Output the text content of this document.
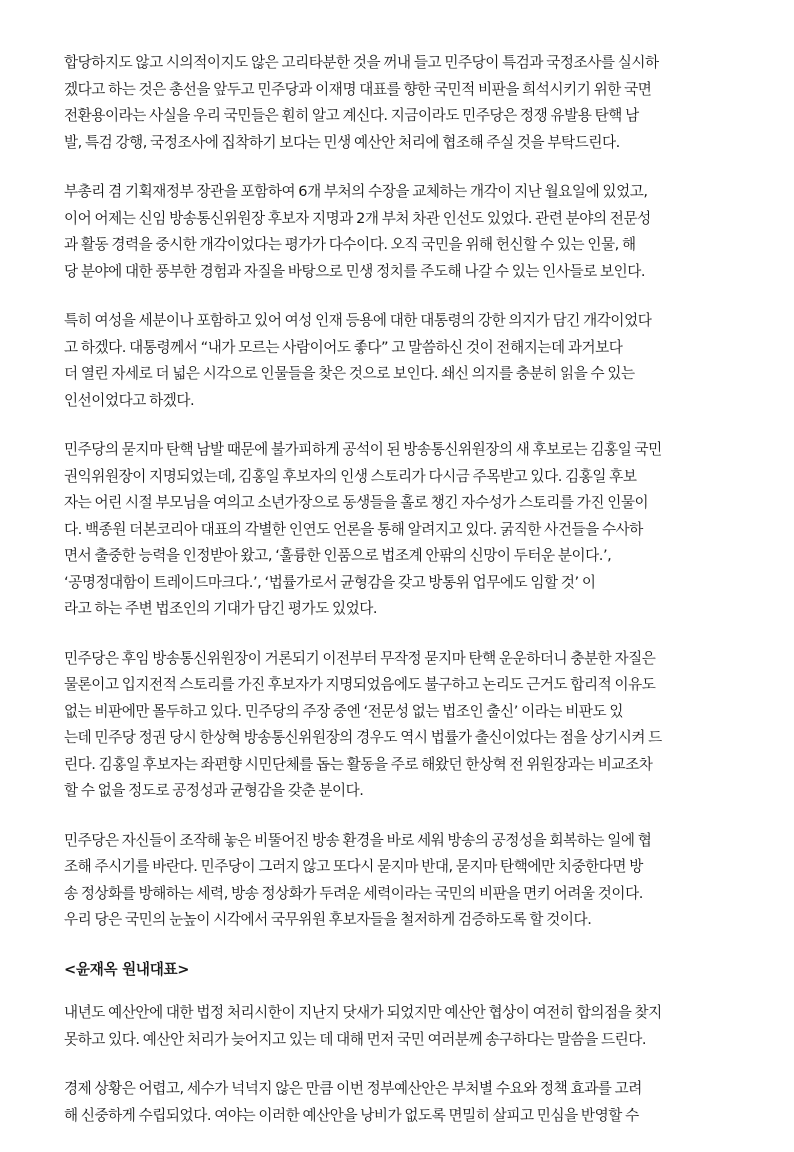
합당하지도 않고 시의적이지도 않은 고리타분한 것을 꺼내 들고 민주당이 특검과 국정조사를 실시하
겠다고 하는 것은 총선을 앞두고 민주당과 이재명 대표를 향한 국민적 비판을 희석시키기 위한 국면
전환용이라는 사실을 우리 국민들은 훤히 알고 계신다. 지금이라도 민주당은 정쟁 유발용 탄핵 남
발, 특검 강행, 국정조사에 집착하기 보다는 민생 예산안 처리에 협조해 주실 것을 부탁드린다.

부총리 겸 기획재정부 장관을 포함하여 6개 부처의 수장을 교체하는 개각이 지난 월요일에 있었고,
이어 어제는 신임 방송통신위원장 후보자 지명과 2개 부처 차관 인선도 있었다. 관련 분야의 전문성
과 활동 경력을 중시한 개각이었다는 평가가 다수이다. 오직 국민을 위해 헌신할 수 있는 인물, 해
당 분야에 대한 풍부한 경험과 자질을 바탕으로 민생 정치를 주도해 나갈 수 있는 인사들로 보인다.

특히 여성을 세분이나 포함하고 있어 여성 인재 등용에 대한 대통령의 강한 의지가 담긴 개각이었다
고 하겠다. 대통령께서 “내가 모르는 사람이어도 좋다” 고 말씀하신 것이 전해지는데 과거보다
더 열린 자세로 더 넓은 시각으로 인물들을 찾은 것으로 보인다. 쇄신 의지를 충분히 읽을 수 있는
인선이었다고 하겠다.

민주당의 묻지마 탄핵 남발 때문에 불가피하게 공석이 된 방송통신위원장의 새 후보로는 김홍일 국민
권익위원장이 지명되었는데, 김홍일 후보자의 인생 스토리가 다시금 주목받고 있다. 김홍일 후보
자는 어린 시절 부모님을 여의고 소년가장으로 동생들을 홀로 챙긴 자수성가 스토리를 가진 인물이
다. 백종원 더본코리아 대표의 각별한 인연도 언론을 통해 알려지고 있다. 굵직한 사건들을 수사하
면서 출중한 능력을 인정받아 왔고, ‘훌륭한 인품으로 법조계 안팎의 신망이 두터운 분이다.’,
‘공명정대함이 트레이드마크다.’, ‘법률가로서 균형감을 갖고 방통위 업무에도 임할 것’ 이
라고 하는 주변 법조인의 기대가 담긴 평가도 있었다.

민주당은 후임 방송통신위원장이 거론되기 이전부터 무작정 묻지마 탄핵 운운하더니 충분한 자질은
물론이고 입지전적 스토리를 가진 후보자가 지명되었음에도 불구하고 논리도 근거도 합리적 이유도
없는 비판에만 몰두하고 있다. 민주당의 주장 중엔 ‘전문성 없는 법조인 출신’ 이라는 비판도 있
는데 민주당 정권 당시 한상혁 방송통신위원장의 경우도 역시 법률가 출신이었다는 점을 상기시켜 드
린다. 김홍일 후보자는 좌편향 시민단체를 돕는 활동을 주로 해왔던 한상혁 전 위원장과는 비교조차
할 수 없을 정도로 공정성과 균형감을 갖춘 분이다.

민주당은 자신들이 조작해 놓은 비뚤어진 방송 환경을 바로 세워 방송의 공정성을 회복하는 일에 협
조해 주시기를 바란다. 민주당이 그러지 않고 또다시 묻지마 반대, 묻지마 탄핵에만 치중한다면 방
송 정상화를 방해하는 세력, 방송 정상화가 두려운 세력이라는 국민의 비판을 면키 어려울 것이다.
우리 당은 국민의 눈높이 시각에서 국무위원 후보자들을 철저하게 검증하도록 할 것이다.

<윤재옥 원내대표>

내년도 예산안에 대한 법정 처리시한이 지난지 닷새가 되었지만 예산안 협상이 여전히 합의점을 찾지
못하고 있다. 예산안 처리가 늦어지고 있는 데 대해 먼저 국민 여러분께 송구하다는 말씀을 드린다.

경제 상황은 어렵고, 세수가 넉넉지 않은 만큼 이번 정부예산안은 부처별 수요와 정책 효과를 고려
해 신중하게 수립되었다. 여야는 이러한 예산안을 낭비가 없도록 면밀히 살피고 민심을 반영할 수
